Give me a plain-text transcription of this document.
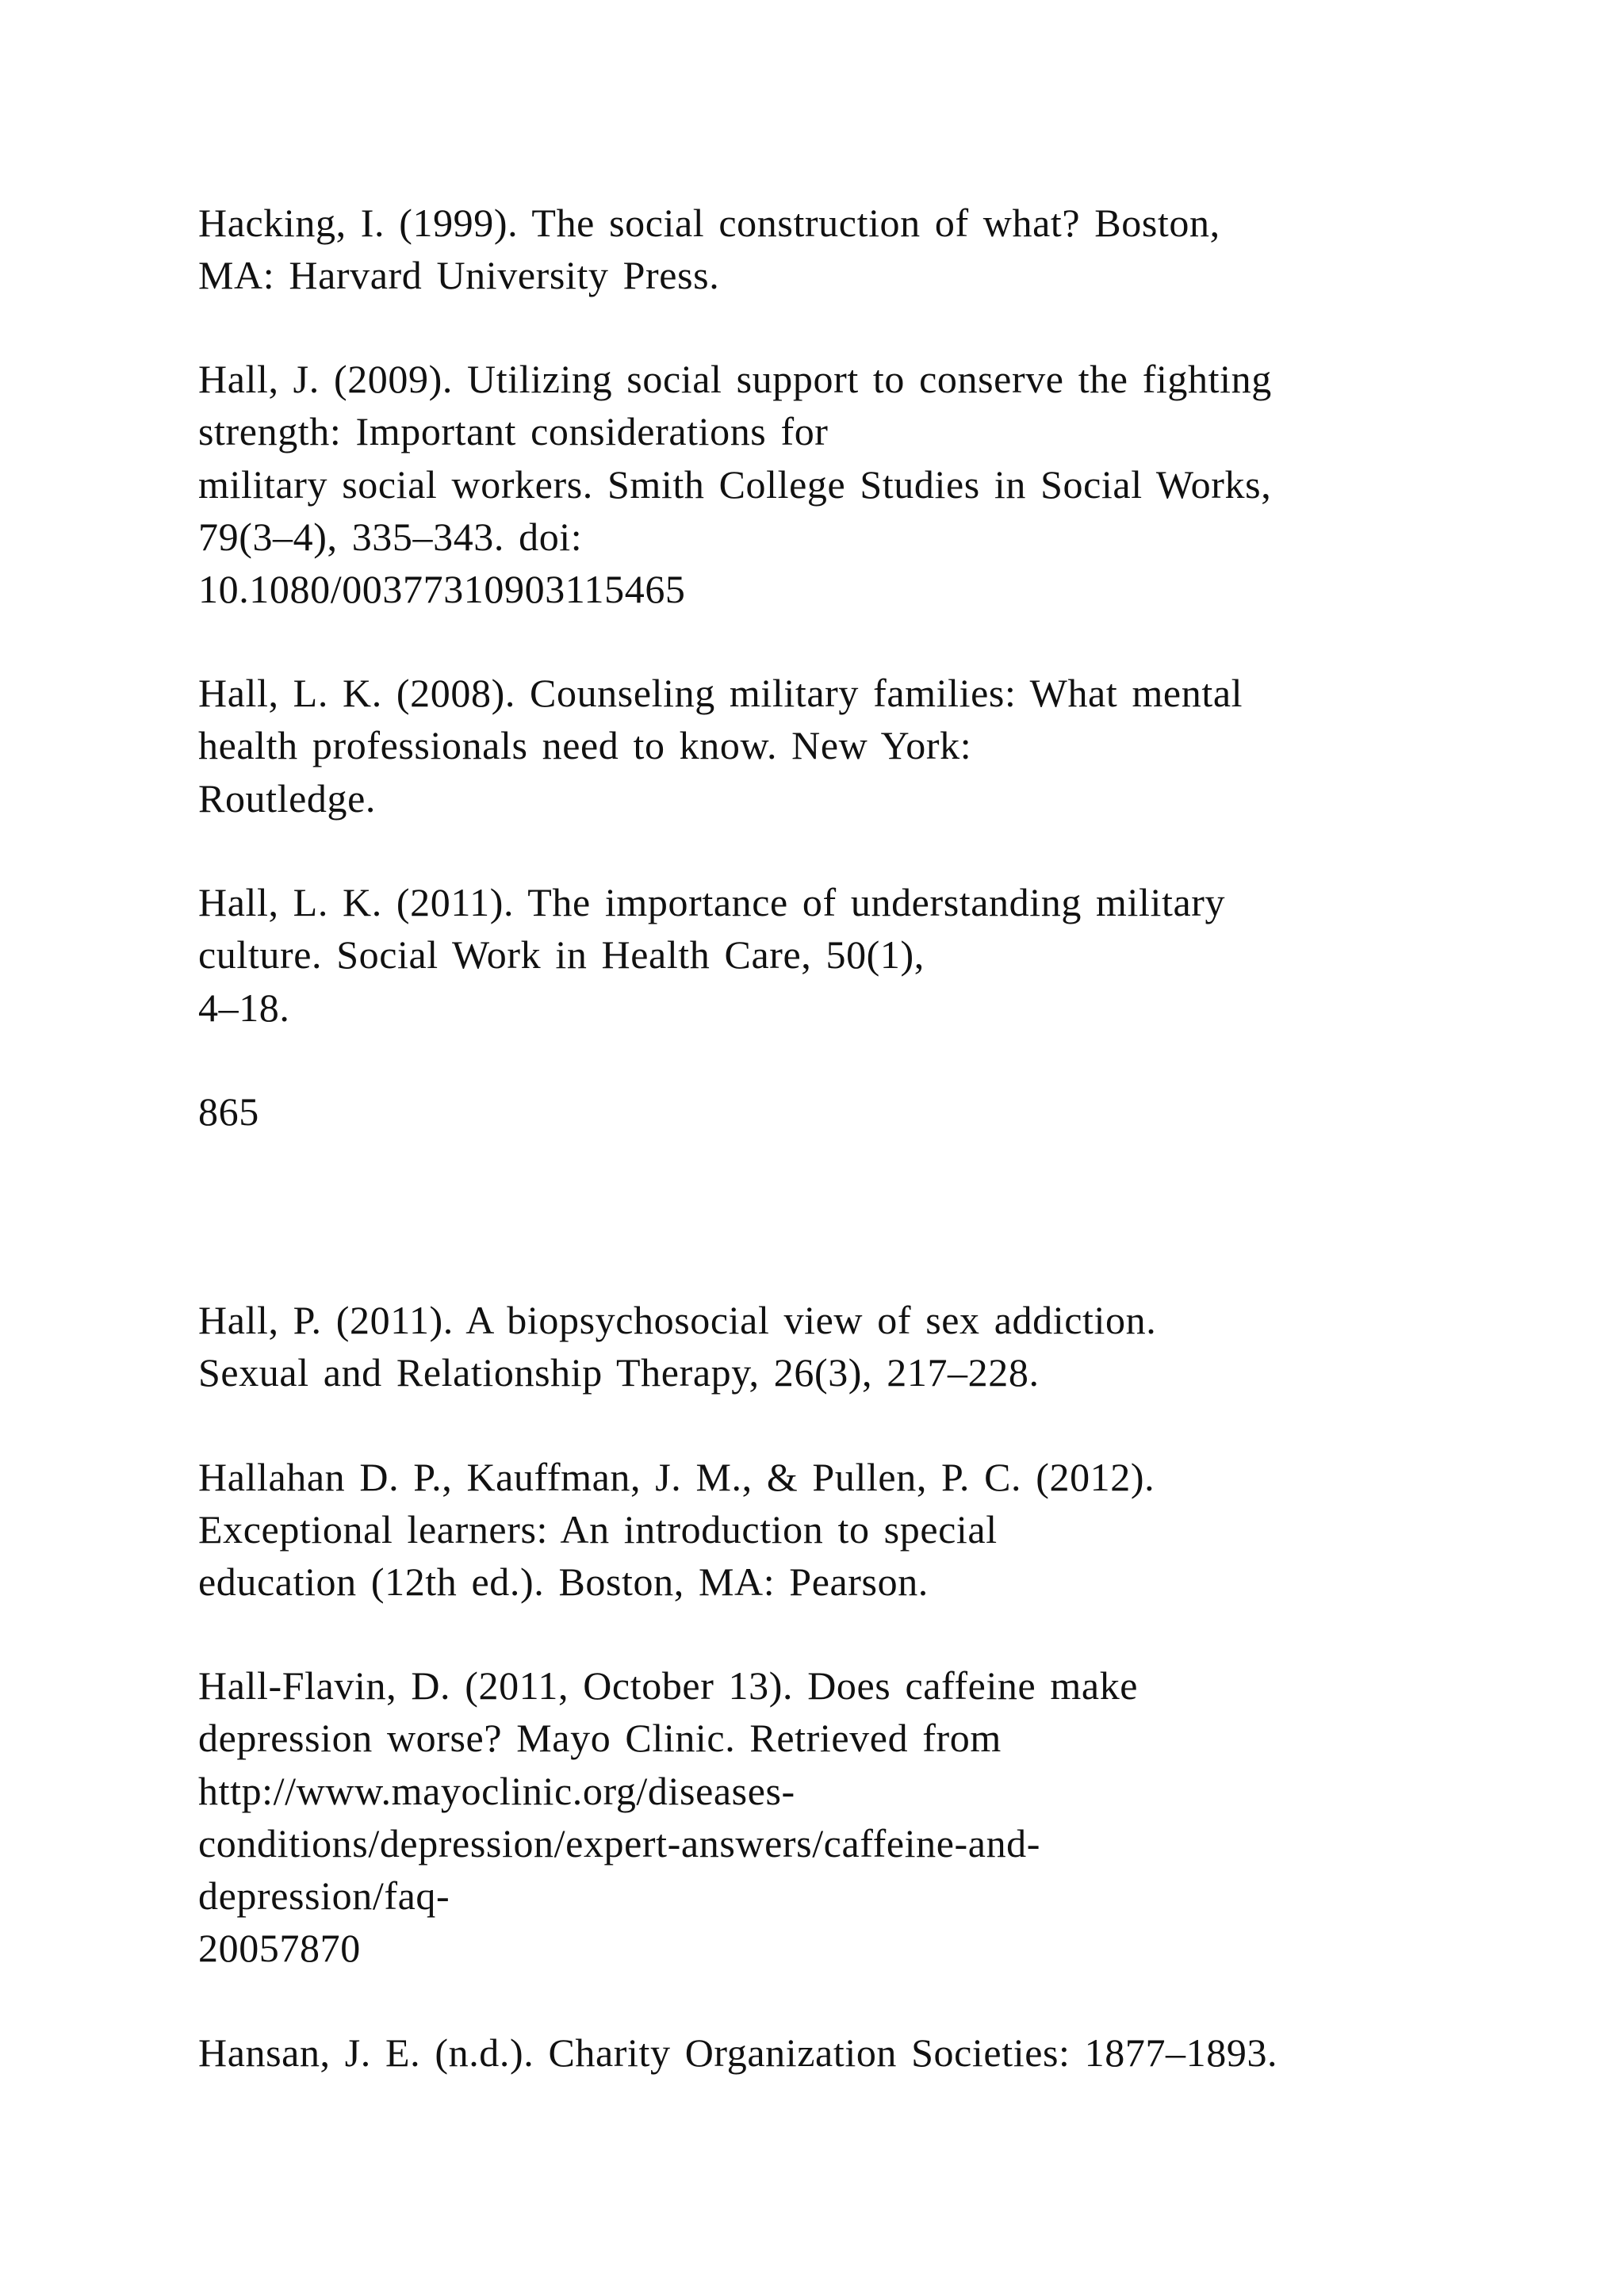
Hacking, I. (1999). The social construction of what? Boston,

MA: Harvard University Press.

Hall, J. (2009). Utilizing social support to conserve the fighting

strength: Important considerations for

military social workers. Smith College Studies in Social Works,

79(3–4), 335–343. doi:

10.1080/00377310903115465

Hall, L. K. (2008). Counseling military families: What mental

health professionals need to know. New York:

Routledge.

Hall, L. K. (2011). The importance of understanding military

culture. Social Work in Health Care, 50(1),

4–18.

865

Hall, P. (2011). A biopsychosocial view of sex addiction.

Sexual and Relationship Therapy, 26(3), 217–228.

Hallahan D. P., Kauffman, J. M., & Pullen, P. C. (2012).

Exceptional learners: An introduction to special

education (12th ed.). Boston, MA: Pearson.

Hall-Flavin, D. (2011, October 13). Does caffeine make

depression worse? Mayo Clinic. Retrieved from

http://www.mayoclinic.org/diseases-

conditions/depression/expert-answers/caffeine-and-

depression/faq-

20057870

Hansan, J. E. (n.d.). Charity Organization Societies: 1877–1893.
